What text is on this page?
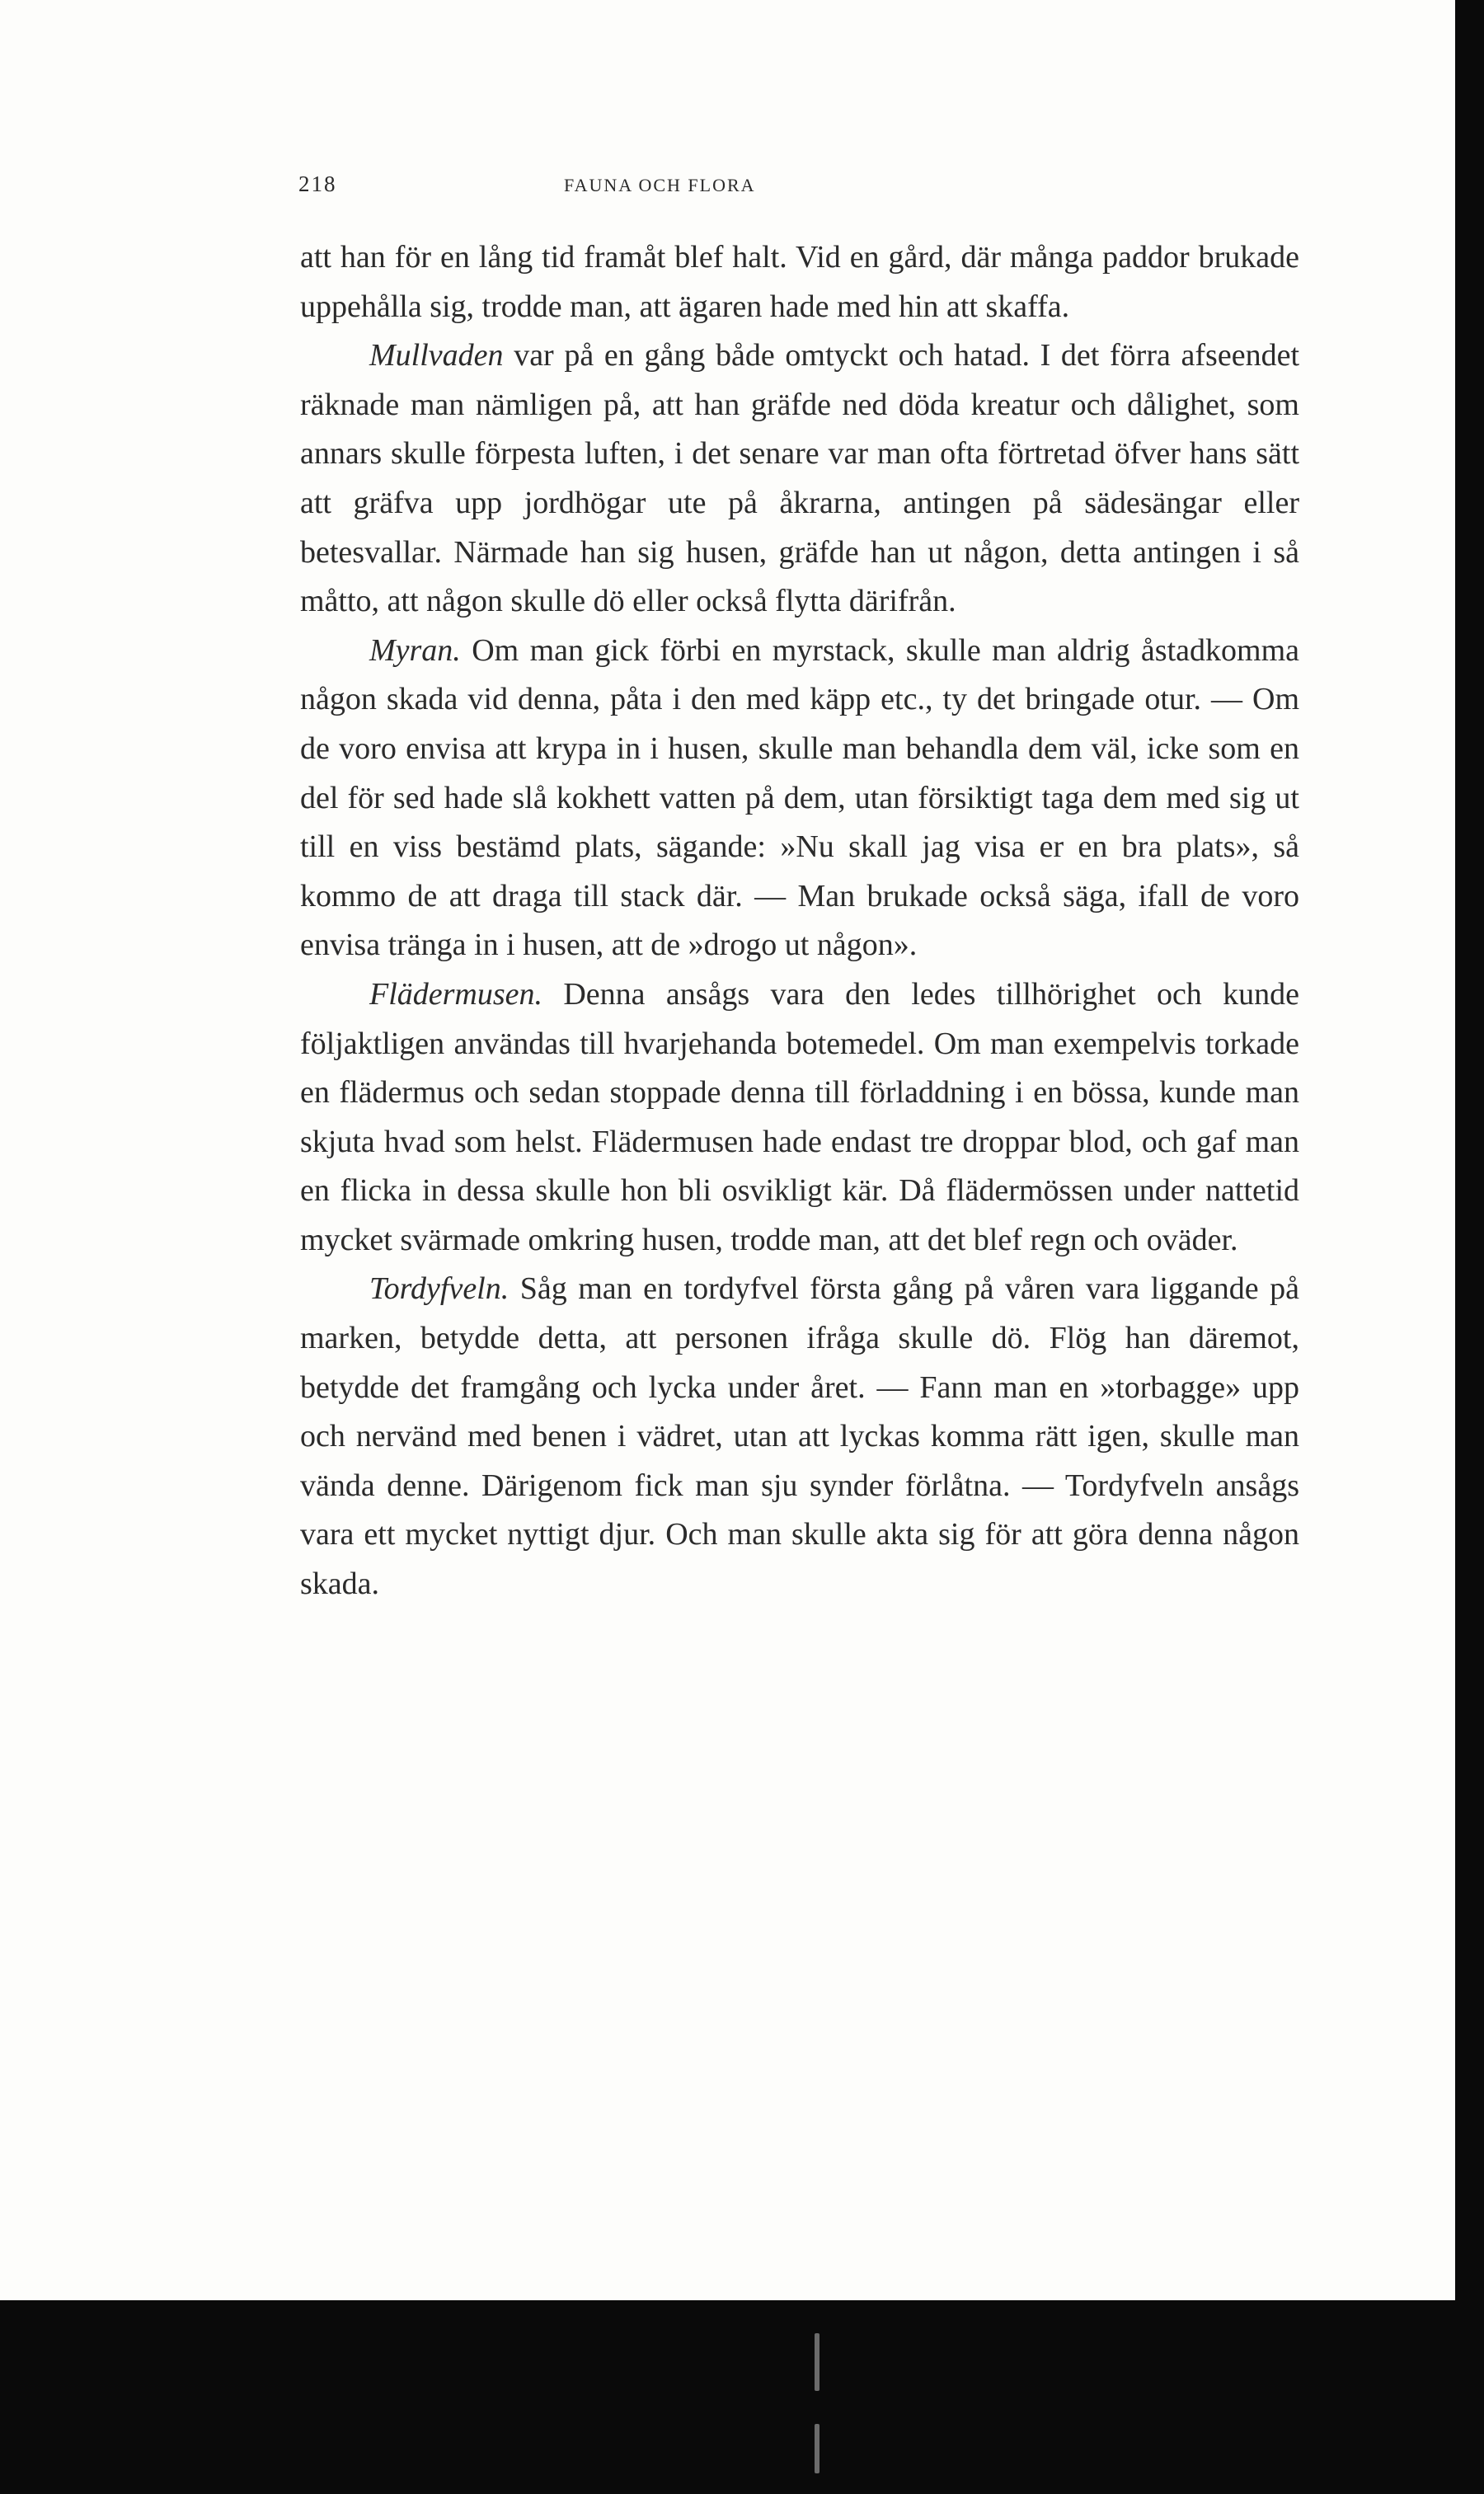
218	FAUNA OCH FLORA

att han för en lång tid framåt blef halt. Vid en gård, där många paddor brukade uppehålla sig, trodde man, att ägaren hade med hin att skaffa.

Mullvaden var på en gång både omtyckt och hatad. I det förra afseendet räknade man nämligen på, att han gräfde ned döda kreatur och dålighet, som annars skulle förpesta luften, i det senare var man ofta förtretad öfver hans sätt att gräfva upp jordhögar ute på åkrarna, antingen på sädesängar eller betesvallar. Närmade han sig husen, gräfde han ut någon, detta antingen i så måtto, att någon skulle dö eller också flytta därifrån.

Myran. Om man gick förbi en myrstack, skulle man aldrig åstadkomma någon skada vid denna, påta i den med käpp etc., ty det bringade otur. — Om de voro envisa att krypa in i husen, skulle man behandla dem väl, icke som en del för sed hade slå kokhett vatten på dem, utan försiktigt taga dem med sig ut till en viss bestämd plats, sägande: »Nu skall jag visa er en bra plats», så kommo de att draga till stack där. — Man brukade också säga, ifall de voro envisa tränga in i husen, att de »drogo ut någon».

Flädermusen. Denna ansågs vara den ledes tillhörighet och kunde följaktligen användas till hvarjehanda botemedel. Om man exempelvis torkade en flädermus och sedan stoppade denna till förladdning i en bössa, kunde man skjuta hvad som helst. Flädermusen hade endast tre droppar blod, och gaf man en flicka in dessa skulle hon bli osvikligt kär. Då flädermössen under nattetid mycket svärmade omkring husen, trodde man, att det blef regn och oväder.

Tordyfveln. Såg man en tordyfvel första gång på våren vara liggande på marken, betydde detta, att personen ifråga skulle dö. Flög han däremot, betydde det framgång och lycka under året. — Fann man en »torbagge» upp och nervänd med benen i vädret, utan att lyckas komma rätt igen, skulle man vända denne. Därigenom fick man sju synder förlåtna. — Tordyfveln ansågs vara ett mycket nyttigt djur. Och man skulle akta sig för att göra denna någon skada.
